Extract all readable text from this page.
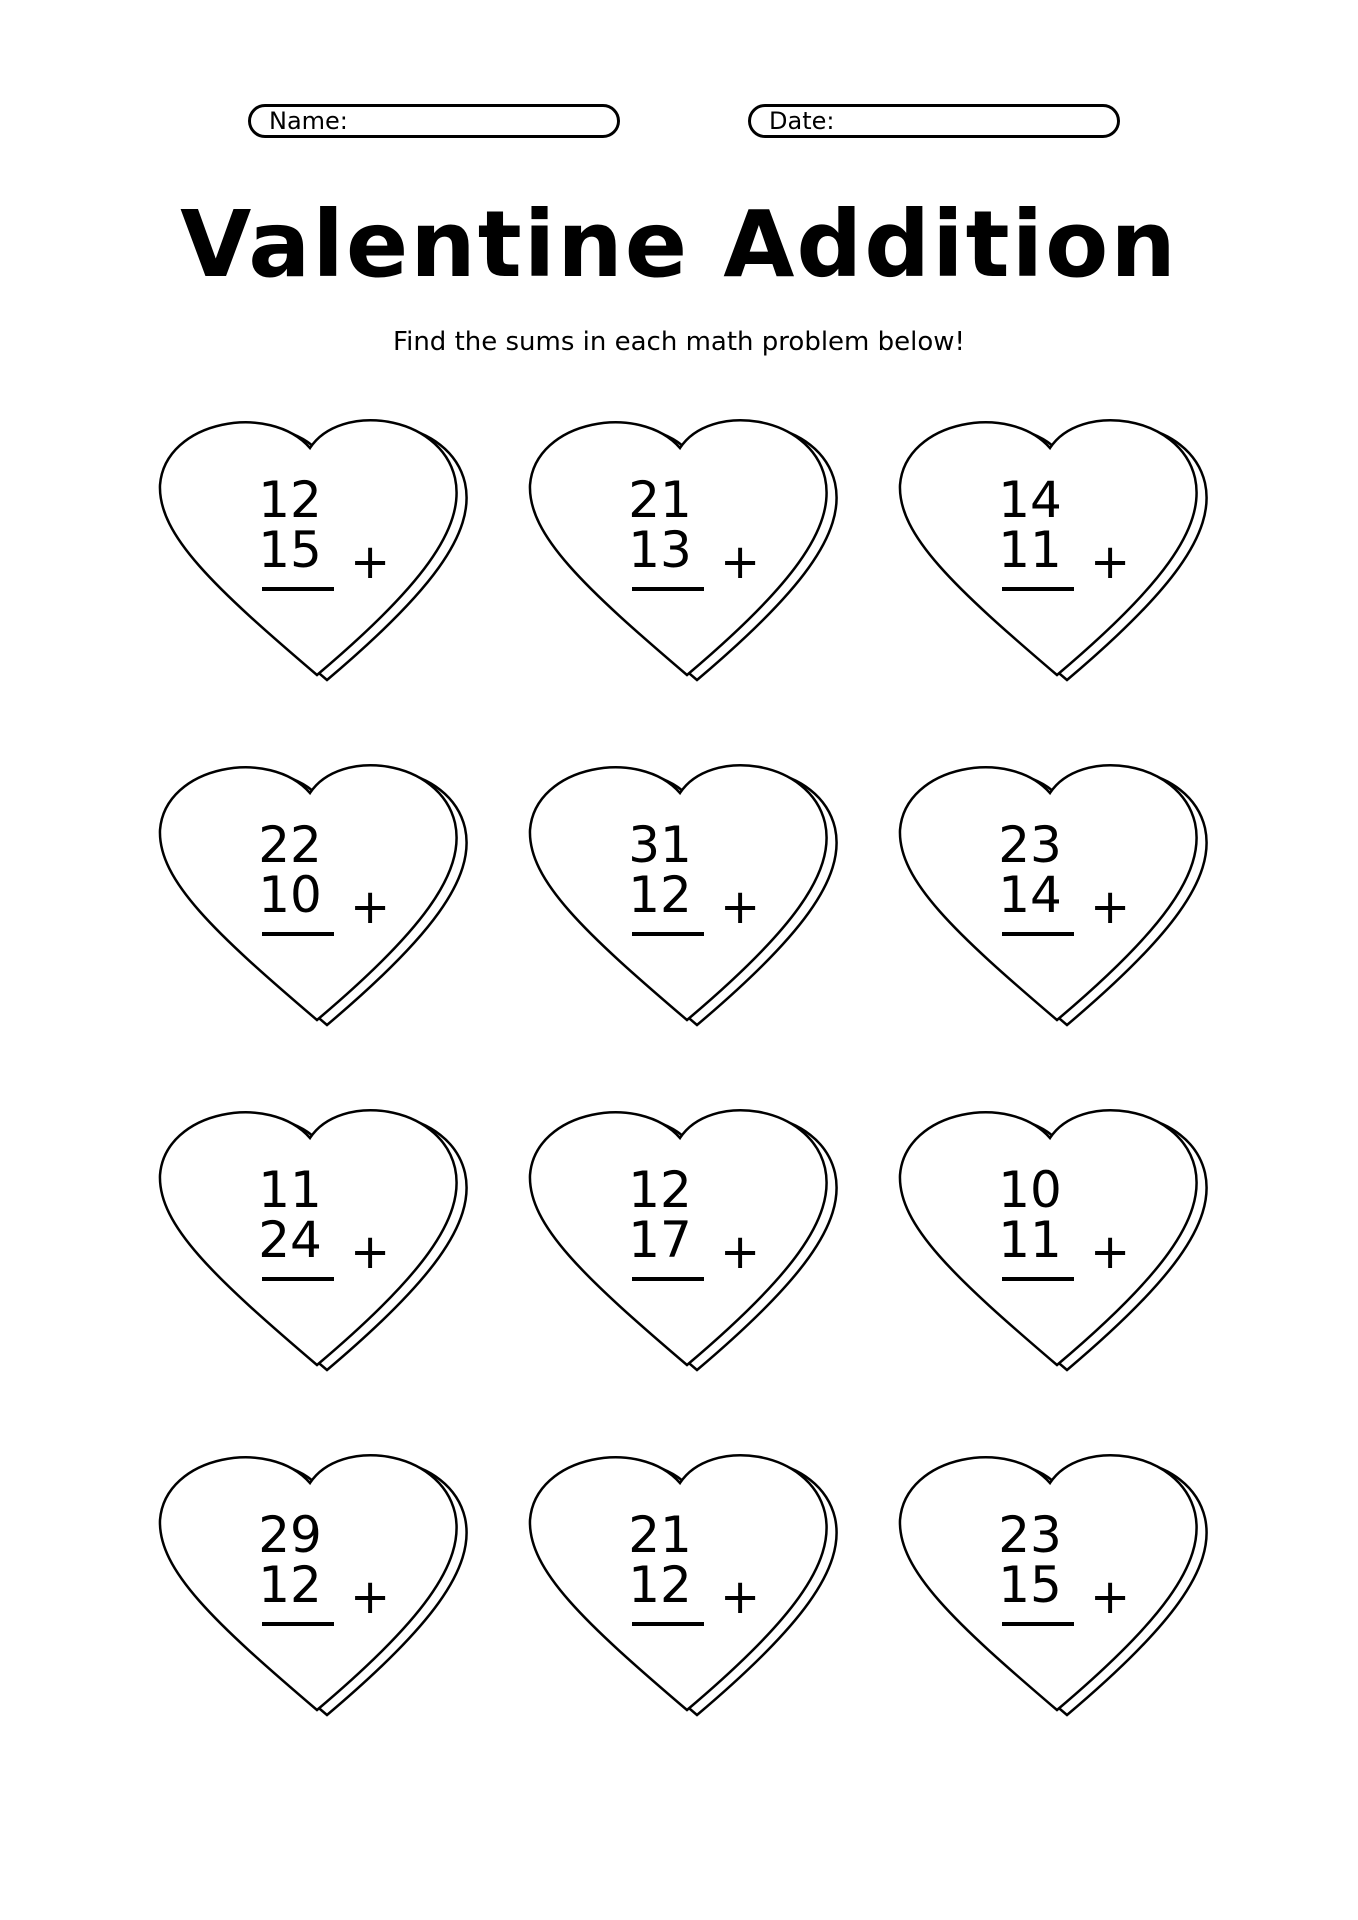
Name:	Date:
Valentine Addition
Find the sums in each math problem below!
12
15 +
21
13 +
14
11 +
22
10 +
31
12 +
23
14 +
11
24 +
12
17 +
10
11 +
29
12 +
21
12 +
23
15 +
